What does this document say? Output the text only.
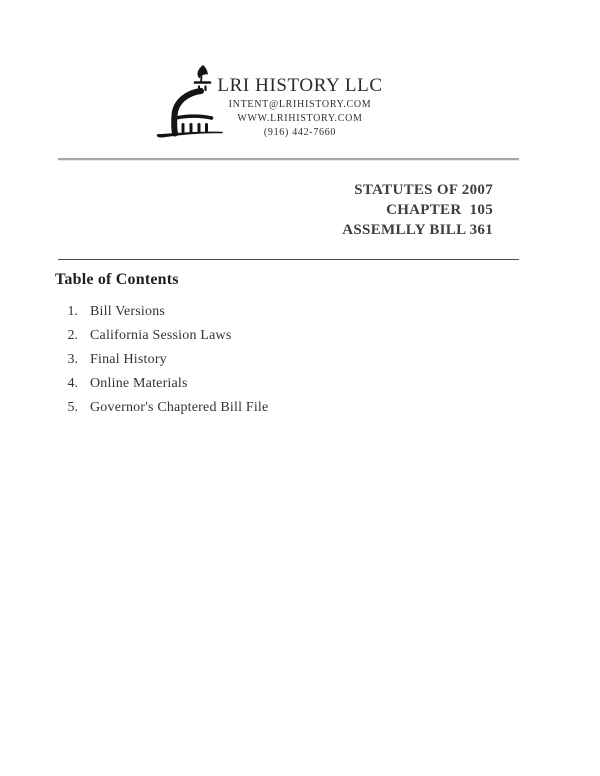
LRI HISTORY LLC
INTENT@LRIHISTORY.COM
WWW.LRIHISTORY.COM
(916) 442-7660
STATUTES OF 2007
CHAPTER  105
ASSEMLLY BILL 361
Table of Contents
1. Bill Versions
2. California Session Laws
3. Final History
4. Online Materials
5. Governor's Chaptered Bill File
